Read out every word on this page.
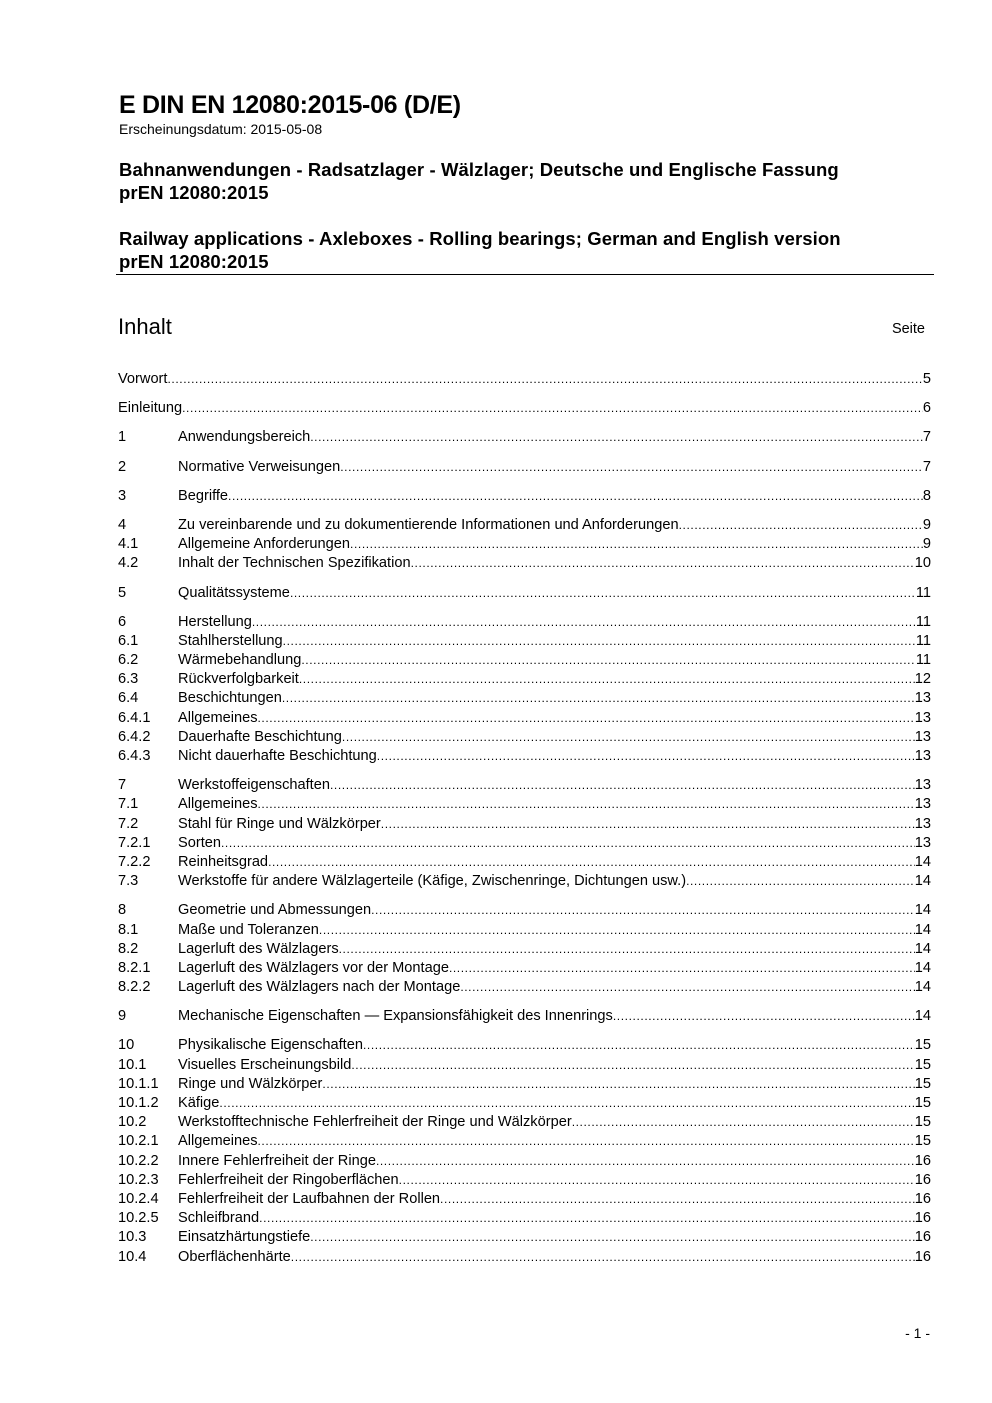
E DIN EN 12080:2015-06 (D/E)
Erscheinungsdatum: 2015-05-08
Bahnanwendungen - Radsatzlager - Wälzlager; Deutsche und Englische Fassung
prEN 12080:2015
Railway applications - Axleboxes - Rolling bearings; German and English version
prEN 12080:2015
Inhalt	Seite
Vorwort .....	5
Einleitung .....	6
1	Anwendungsbereich .....	7
2	Normative Verweisungen .....	7
3	Begriffe .....	8
4	Zu vereinbarende und zu dokumentierende Informationen und Anforderungen .....	9
4.1	Allgemeine Anforderungen .....	9
4.2	Inhalt der Technischen Spezifikation .....	10
5	Qualitätssysteme .....	11
6	Herstellung .....	11
6.1	Stahlherstellung .....	11
6.2	Wärmebehandlung .....	11
6.3	Rückverfolgbarkeit .....	12
6.4	Beschichtungen .....	13
6.4.1	Allgemeines .....	13
6.4.2	Dauerhafte Beschichtung .....	13
6.4.3	Nicht dauerhafte Beschichtung .....	13
7	Werkstoffeigenschaften .....	13
7.1	Allgemeines .....	13
7.2	Stahl für Ringe und Wälzkörper .....	13
7.2.1	Sorten .....	13
7.2.2	Reinheitsgrad .....	14
7.3	Werkstoffe für andere Wälzlagerteile (Käfige, Zwischenringe, Dichtungen usw.) .....	14
8	Geometrie und Abmessungen .....	14
8.1	Maße und Toleranzen .....	14
8.2	Lagerluft des Wälzlagers .....	14
8.2.1	Lagerluft des Wälzlagers vor der Montage .....	14
8.2.2	Lagerluft des Wälzlagers nach der Montage .....	14
9	Mechanische Eigenschaften — Expansionsfähigkeit des Innenrings .....	14
10	Physikalische Eigenschaften .....	15
10.1	Visuelles Erscheinungsbild .....	15
10.1.1	Ringe und Wälzkörper .....	15
10.1.2	Käfige .....	15
10.2	Werkstofftechnische Fehlerfreiheit der Ringe und Wälzkörper .....	15
10.2.1	Allgemeines .....	15
10.2.2	Innere Fehlerfreiheit der Ringe .....	16
10.2.3	Fehlerfreiheit der Ringoberflächen .....	16
10.2.4	Fehlerfreiheit der Laufbahnen der Rollen .....	16
10.2.5	Schleifbrand .....	16
10.3	Einsatzhärtungstiefe .....	16
10.4	Oberflächenhärte .....	16
- 1 -
